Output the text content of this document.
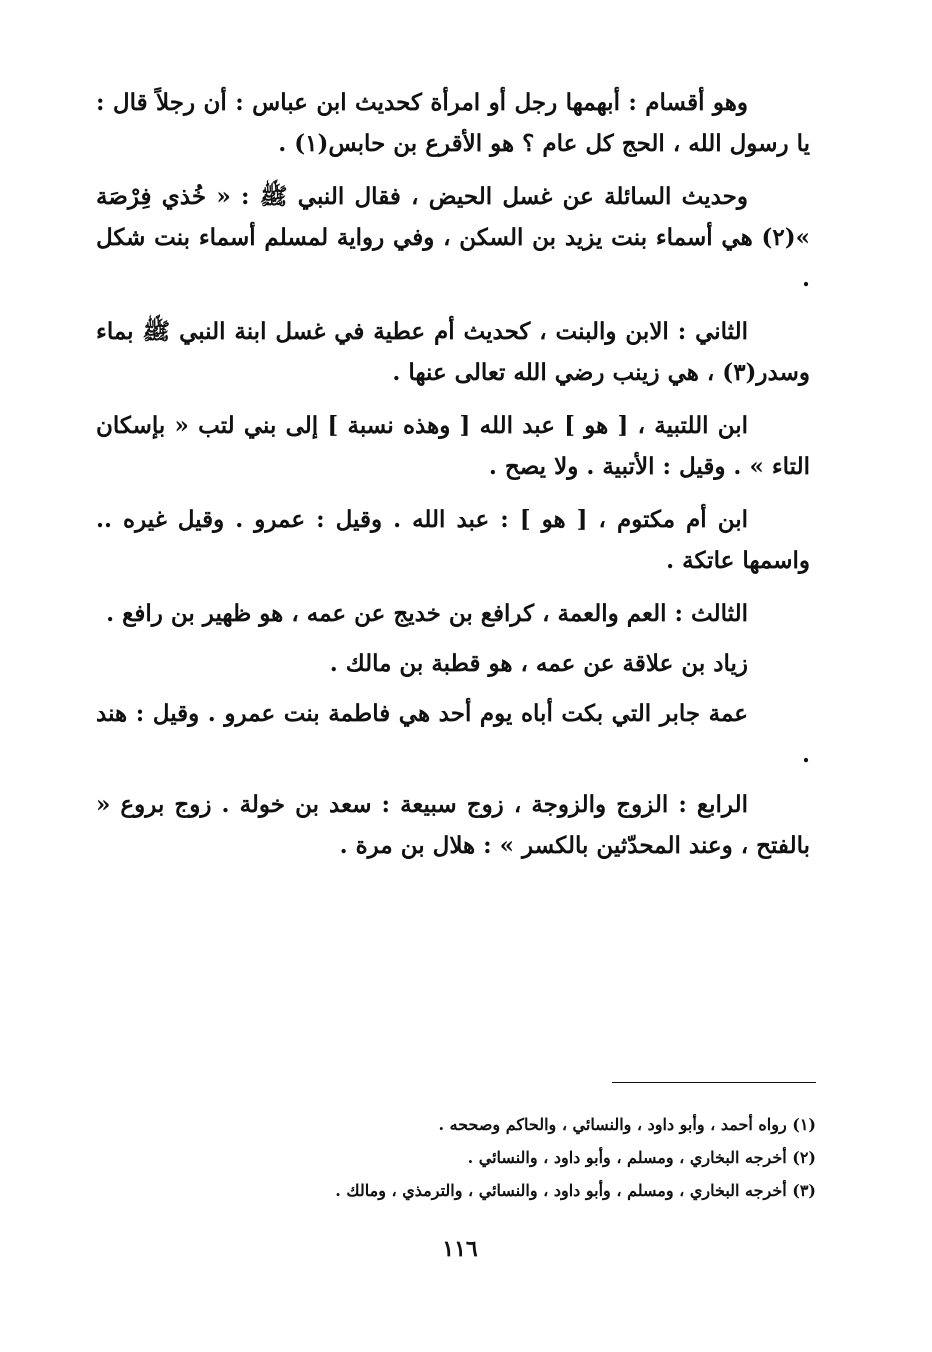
وهو أقسام : أبهمها رجل أو امرأة كحديث ابن عباس : أن رجلاً قال : يا رسول الله ، الحج كل عام ؟ هو الأقرع بن حابس(١) .

وحديث السائلة عن غسل الحيض ، فقال النبي ﷺ : « خُذي فِرْصَة »(٢) هي أسماء بنت يزيد بن السكن ، وفي رواية لمسلم أسماء بنت شكل .

الثاني : الابن والبنت ، كحديث أم عطية في غسل ابنة النبي ﷺ بماء وسدر(٣) ، هي زينب رضي الله تعالى عنها .

ابن اللتبية ، [ هو ] عبد الله [ وهذه نسبة ] إلى بني لتب « بإسكان التاء » . وقيل : الأتبية . ولا يصح .

ابن أم مكتوم ، [ هو ] : عبد الله . وقيل : عمرو . وقيل غيره .. واسمها عاتكة .

الثالث : العم والعمة ، كرافع بن خديج عن عمه ، هو ظهير بن رافع .

زياد بن علاقة عن عمه ، هو قطبة بن مالك .

عمة جابر التي بكت أباه يوم أحد هي فاطمة بنت عمرو . وقيل : هند .

الرابع : الزوج والزوجة ، زوج سبيعة : سعد بن خولة . زوج بروع « بالفتح ، وعند المحدّثين بالكسر » : هلال بن مرة .

(١) رواه أحمد ، وأبو داود ، والنسائي ، والحاكم وصححه .

(٢) أخرجه البخاري ، ومسلم ، وأبو داود ، والنسائي .

(٣) أخرجه البخاري ، ومسلم ، وأبو داود ، والنسائي ، والترمذي ، ومالك .

١١٦
